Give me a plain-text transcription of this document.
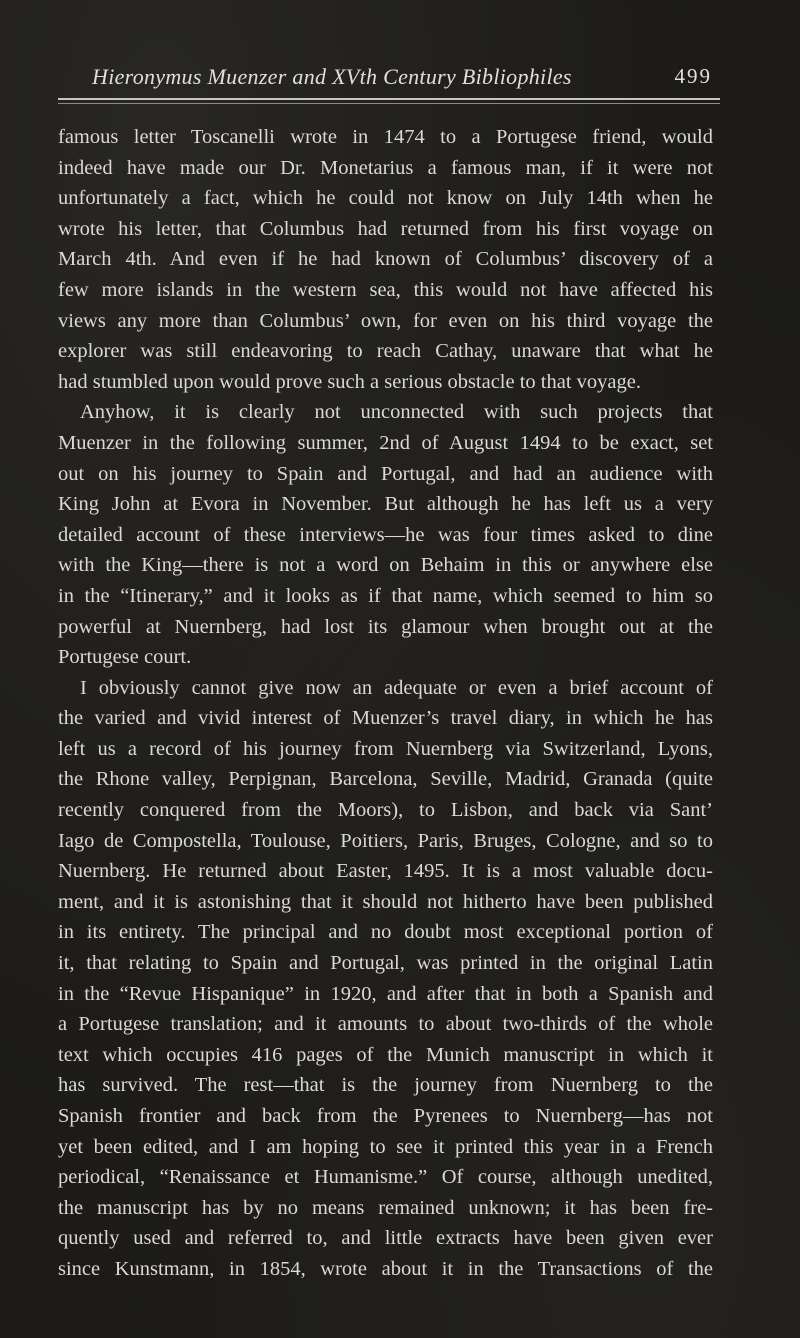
Hieronymus Muenzer and XVth Century Bibliophiles	499
famous letter Toscanelli wrote in 1474 to a Portugese friend, would
indeed have made our Dr. Monetarius a famous man, if it were not
unfortunately a fact, which he could not know on July 14th when he
wrote his letter, that Columbus had returned from his first voyage on
March 4th. And even if he had known of Columbus’ discovery of a
few more islands in the western sea, this would not have affected his
views any more than Columbus’ own, for even on his third voyage the
explorer was still endeavoring to reach Cathay, unaware that what he
had stumbled upon would prove such a serious obstacle to that voyage.
Anyhow, it is clearly not unconnected with such projects that
Muenzer in the following summer, 2nd of August 1494 to be exact, set
out on his journey to Spain and Portugal, and had an audience with
King John at Evora in November. But although he has left us a very
detailed account of these interviews—he was four times asked to dine
with the King—there is not a word on Behaim in this or anywhere else
in the “Itinerary,” and it looks as if that name, which seemed to him so
powerful at Nuernberg, had lost its glamour when brought out at the
Portugese court.
I obviously cannot give now an adequate or even a brief account of
the varied and vivid interest of Muenzer’s travel diary, in which he has
left us a record of his journey from Nuernberg via Switzerland, Lyons,
the Rhone valley, Perpignan, Barcelona, Seville, Madrid, Granada (quite
recently conquered from the Moors), to Lisbon, and back via Sant’
Iago de Compostella, Toulouse, Poitiers, Paris, Bruges, Cologne, and so to
Nuernberg. He returned about Easter, 1495. It is a most valuable docu-
ment, and it is astonishing that it should not hitherto have been published
in its entirety. The principal and no doubt most exceptional portion of
it, that relating to Spain and Portugal, was printed in the original Latin
in the “Revue Hispanique” in 1920, and after that in both a Spanish and
a Portugese translation; and it amounts to about two-thirds of the whole
text which occupies 416 pages of the Munich manuscript in which it
has survived. The rest—that is the journey from Nuernberg to the
Spanish frontier and back from the Pyrenees to Nuernberg—has not
yet been edited, and I am hoping to see it printed this year in a French
periodical, “Renaissance et Humanisme.” Of course, although unedited,
the manuscript has by no means remained unknown; it has been fre-
quently used and referred to, and little extracts have been given ever
since Kunstmann, in 1854, wrote about it in the Transactions of the
